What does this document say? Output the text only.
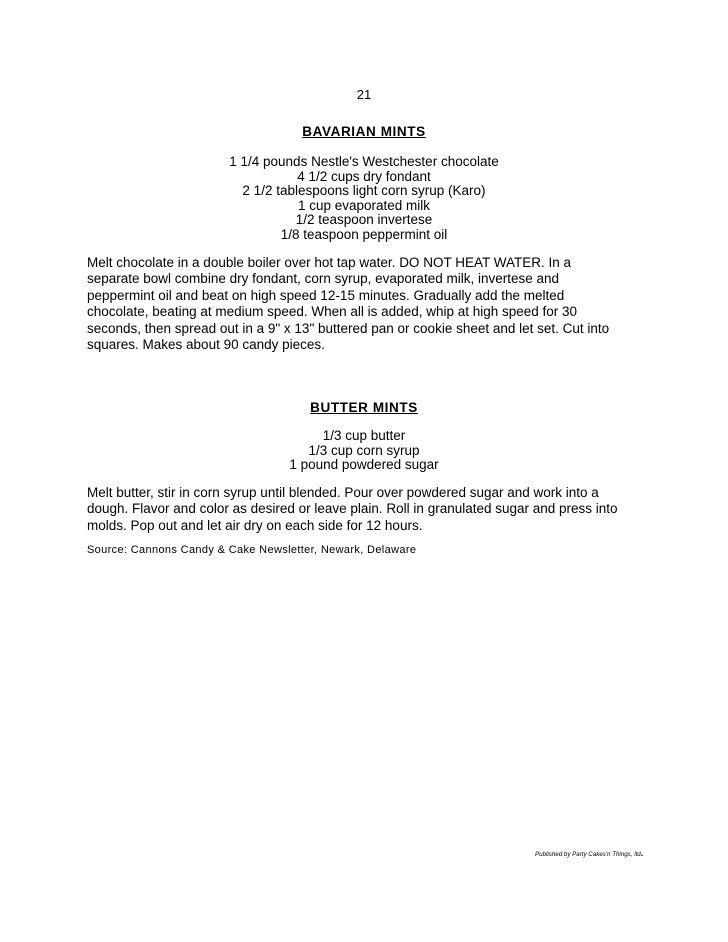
21
BAVARIAN MINTS
1 1/4 pounds Nestle's Westchester chocolate
4 1/2 cups dry fondant
2 1/2 tablespoons light corn syrup (Karo)
1 cup evaporated milk
1/2 teaspoon invertese
1/8 teaspoon peppermint oil

Melt chocolate in a double boiler over hot tap water. DO NOT HEAT WATER. In a
separate bowl combine dry fondant, corn syrup, evaporated milk, invertese and
peppermint oil and beat on high speed 12-15 minutes. Gradually add the melted
chocolate, beating at medium speed. When all is added, whip at high speed for 30
seconds, then spread out in a 9" x 13" buttered pan or cookie sheet and let set. Cut into
squares. Makes about 90 candy pieces.

BUTTER MINTS
1/3 cup butter
1/3 cup corn syrup
1 pound powdered sugar

Melt butter, stir in corn syrup until blended. Pour over powdered sugar and work into a
dough. Flavor and color as desired or leave plain. Roll in granulated sugar and press into
molds. Pop out and let air dry on each side for 12 hours.

Source: Cannons Candy & Cake Newsletter, Newark, Delaware
Published by Party Cakes'n Things, ltd.
